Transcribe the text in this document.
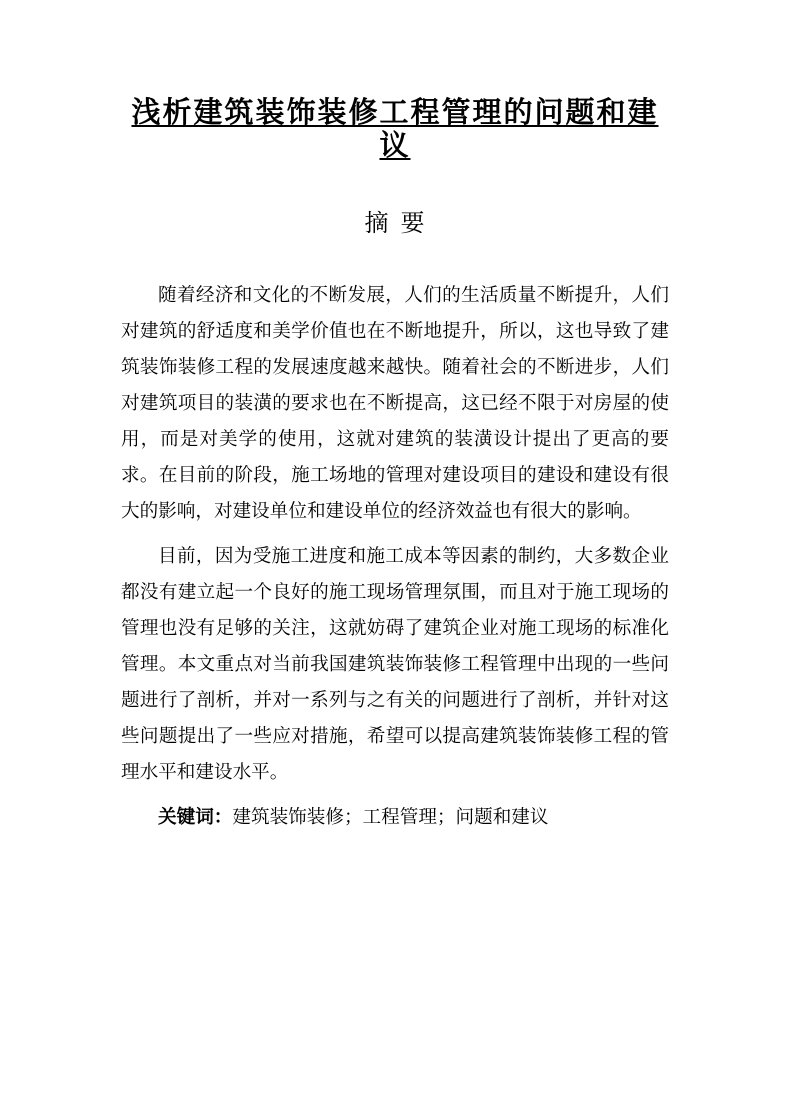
浅析建筑装饰装修工程管理的问题和建议
摘要

随着经济和文化的不断发展，人们的生活质量不断提升，人们对建筑的舒适度和美学价值也在不断地提升，所以，这也导致了建筑装饰装修工程的发展速度越来越快。随着社会的不断进步，人们对建筑项目的装潢的要求也在不断提高，这已经不限于对房屋的使用，而是对美学的使用，这就对建筑的装潢设计提出了更高的要求。在目前的阶段，施工场地的管理对建设项目的建设和建设有很大的影响，对建设单位和建设单位的经济效益也有很大的影响。

目前，因为受施工进度和施工成本等因素的制约，大多数企业都没有建立起一个良好的施工现场管理氛围，而且对于施工现场的管理也没有足够的关注，这就妨碍了建筑企业对施工现场的标准化管理。本文重点对当前我国建筑装饰装修工程管理中出现的一些问题进行了剖析，并对一系列与之有关的问题进行了剖析，并针对这些问题提出了一些应对措施，希望可以提高建筑装饰装修工程的管理水平和建设水平。

关键词：建筑装饰装修；工程管理；问题和建议
